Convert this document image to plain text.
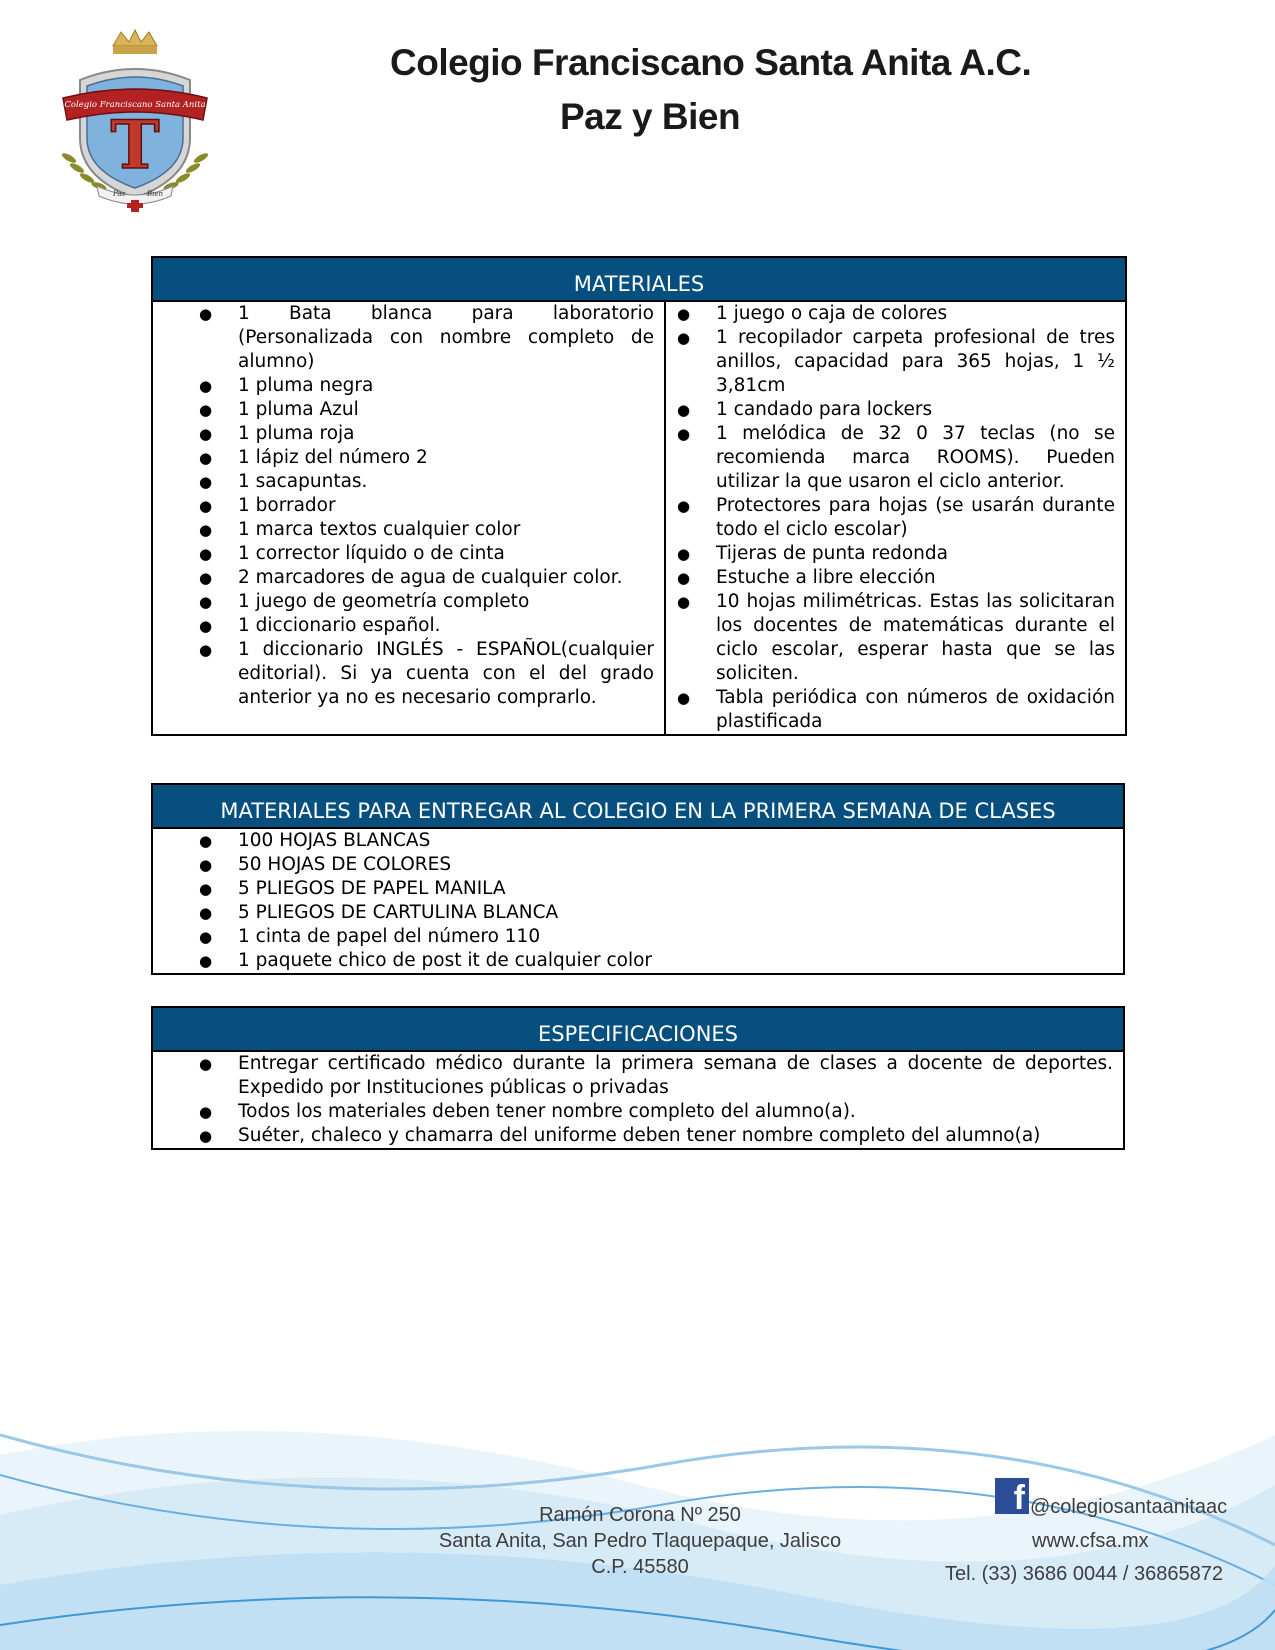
Colegio Franciscano Santa Anita
T
Paz	Bien
Colegio Franciscano Santa Anita A.C.
Paz y Bien
MATERIALES

● 1 Bata blanca para laboratorio (Personalizada con nombre completo de alumno)
● 1 pluma negra
● 1 pluma Azul
● 1 pluma roja
● 1 lápiz del número 2
● 1 sacapuntas.
● 1 borrador
● 1 marca textos cualquier color
● 1 corrector líquido o de cinta
● 2 marcadores de agua de cualquier color.
● 1 juego de geometría completo
● 1 diccionario español.
● 1 diccionario INGLÉS - ESPAÑOL(cualquier editorial). Si ya cuenta con el del grado anterior ya no es necesario comprarlo.

● 1 juego o caja de colores
● 1 recopilador carpeta profesional de tres anillos, capacidad para 365 hojas, 1 ½ 3,81cm
● 1 candado para lockers
● 1 melódica de 32 0 37 teclas (no se recomienda marca ROOMS). Pueden utilizar la que usaron el ciclo anterior.
● Protectores para hojas (se usarán durante todo el ciclo escolar)
● Tijeras de punta redonda
● Estuche a libre elección
● 10 hojas milimétricas. Estas las solicitaran los docentes de matemáticas durante el ciclo escolar, esperar hasta que se las soliciten.
● Tabla periódica con números de oxidación plastificada
MATERIALES PARA ENTREGAR AL COLEGIO EN LA PRIMERA SEMANA DE CLASES

● 100 HOJAS BLANCAS
● 50 HOJAS DE COLORES
● 5 PLIEGOS DE PAPEL MANILA
● 5 PLIEGOS DE CARTULINA BLANCA
● 1 cinta de papel del número 110
● 1 paquete chico de post it de cualquier color
ESPECIFICACIONES

● Entregar certificado médico durante la primera semana de clases a docente de deportes. Expedido por Instituciones públicas o privadas
● Todos los materiales deben tener nombre completo del alumno(a).
● Suéter, chaleco y chamarra del uniforme deben tener nombre completo del alumno(a)
Ramón Corona Nº 250
Santa Anita, San Pedro Tlaquepaque, Jalisco
C.P. 45580
f @colegiosantaanitaac
www.cfsa.mx
Tel. (33) 3686 0044 / 36865872
